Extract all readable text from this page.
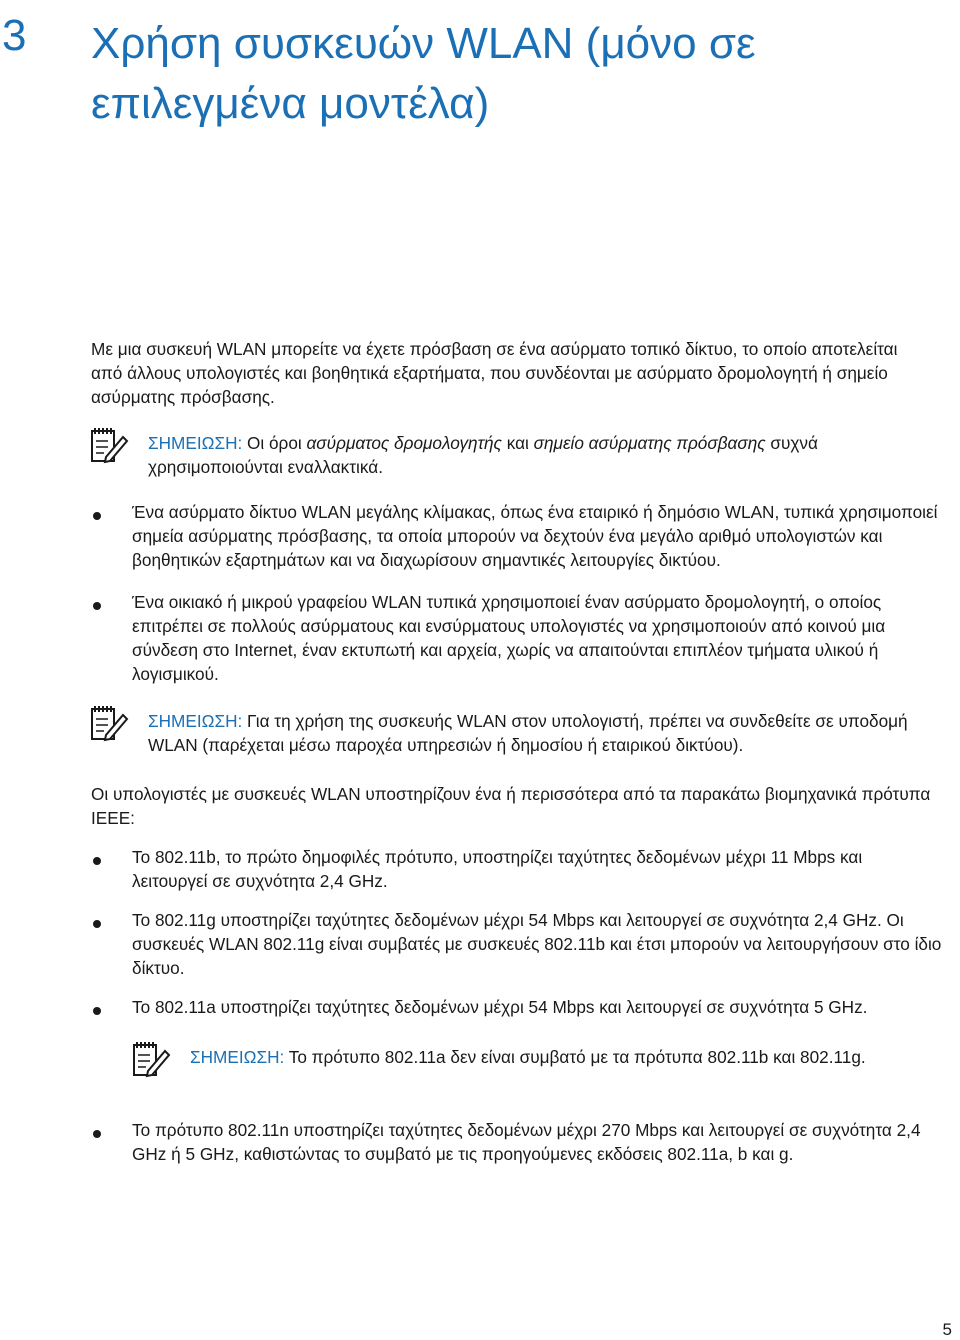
3 Χρήση συσκευών WLAN (μόνο σε επιλεγμένα μοντέλα)

Με μια συσκευή WLAN μπορείτε να έχετε πρόσβαση σε ένα ασύρματο τοπικό δίκτυο, το οποίο αποτελείται από άλλους υπολογιστές και βοηθητικά εξαρτήματα, που συνδέονται με ασύρματο δρομολογητή ή σημείο ασύρματης πρόσβασης.

ΣΗΜΕΙΩΣΗ: Οι όροι ασύρματος δρομολογητής και σημείο ασύρματης πρόσβασης συχνά χρησιμοποιούνται εναλλακτικά.

Ένα ασύρματο δίκτυο WLAN μεγάλης κλίμακας, όπως ένα εταιρικό ή δημόσιο WLAN, τυπικά χρησιμοποιεί σημεία ασύρματης πρόσβασης, τα οποία μπορούν να δεχτούν ένα μεγάλο αριθμό υπολογιστών και βοηθητικών εξαρτημάτων και να διαχωρίσουν σημαντικές λειτουργίες δικτύου.

Ένα οικιακό ή μικρού γραφείου WLAN τυπικά χρησιμοποιεί έναν ασύρματο δρομολογητή, ο οποίος επιτρέπει σε πολλούς ασύρματους και ενσύρματους υπολογιστές να χρησιμοποιούν από κοινού μια σύνδεση στο Internet, έναν εκτυπωτή και αρχεία, χωρίς να απαιτούνται επιπλέον τμήματα υλικού ή λογισμικού.

ΣΗΜΕΙΩΣΗ: Για τη χρήση της συσκευής WLAN στον υπολογιστή, πρέπει να συνδεθείτε σε υποδομή WLAN (παρέχεται μέσω παροχέα υπηρεσιών ή δημοσίου ή εταιρικού δικτύου).

Οι υπολογιστές με συσκευές WLAN υποστηρίζουν ένα ή περισσότερα από τα παρακάτω βιομηχανικά πρότυπα IEEE:

Το 802.11b, το πρώτο δημοφιλές πρότυπο, υποστηρίζει ταχύτητες δεδομένων μέχρι 11 Mbps και λειτουργεί σε συχνότητα 2,4 GHz.

Το 802.11g υποστηρίζει ταχύτητες δεδομένων μέχρι 54 Mbps και λειτουργεί σε συχνότητα 2,4 GHz. Οι συσκευές WLAN 802.11g είναι συμβατές με συσκευές 802.11b και έτσι μπορούν να λειτουργήσουν στο ίδιο δίκτυο.

Το 802.11a υποστηρίζει ταχύτητες δεδομένων μέχρι 54 Mbps και λειτουργεί σε συχνότητα 5 GHz.

ΣΗΜΕΙΩΣΗ: Το πρότυπο 802.11a δεν είναι συμβατό με τα πρότυπα 802.11b και 802.11g.

Το πρότυπο 802.11n υποστηρίζει ταχύτητες δεδομένων μέχρι 270 Mbps και λειτουργεί σε συχνότητα 2,4 GHz ή 5 GHz, καθιστώντας το συμβατό με τις προηγούμενες εκδόσεις 802.11a, b και g.

5
